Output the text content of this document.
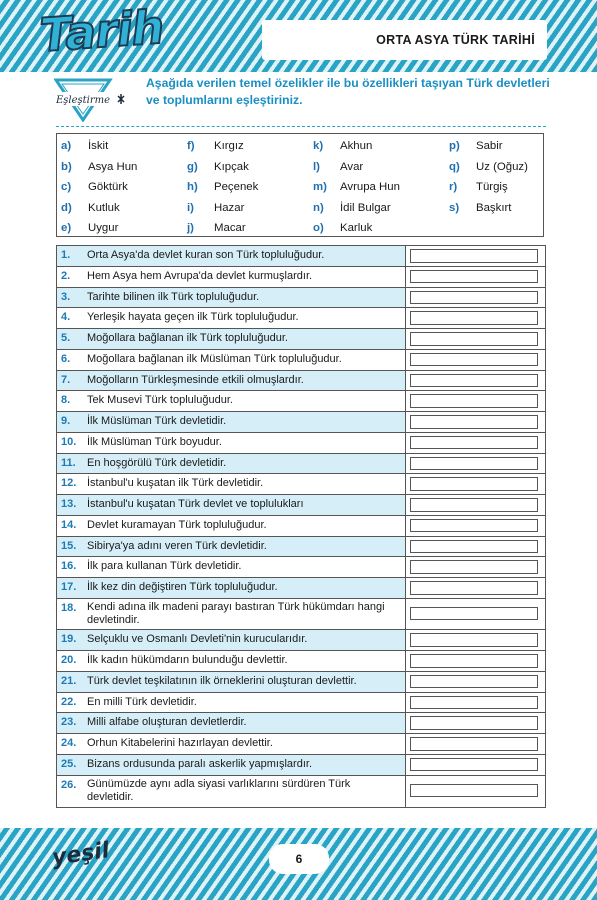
Tarih	ORTA ASYA TÜRK TARİHİ
Eşleştirme
Aşağıda verilen temel özelikler ile bu özellikleri taşıyan Türk devletleri ve toplumlarını eşleştiriniz.
a) İskit
b) Asya Hun
c) Göktürk
d) Kutluk
e) Uygur
f) Kırgız
g) Kıpçak
h) Peçenek
i) Hazar
j) Macar
k) Akhun
l) Avar
m) Avrupa Hun
n) İdil Bulgar
o) Karluk
p) Sabir
q) Uz (Oğuz)
r) Türgiş
s) Başkırt
1.	Orta Asya'da devlet kuran son Türk topluluğudur.
2.	Hem Asya hem Avrupa'da devlet kurmuşlardır.
3.	Tarihte bilinen ilk Türk topluluğudur.
4.	Yerleşik hayata geçen ilk Türk topluluğudur.
5.	Moğollara bağlanan ilk Türk topluluğudur.
6.	Moğollara bağlanan ilk Müslüman Türk topluluğudur.
7.	Moğolların Türkleşmesinde etkili olmuşlardır.
8.	Tek Musevi Türk topluluğudur.
9.	İlk Müslüman Türk devletidir.
10. İlk Müslüman Türk boyudur.
11.	En hoşgörülü Türk devletidir.
12. İstanbul'u kuşatan ilk Türk devletidir.
13. İstanbul'u kuşatan Türk devlet ve toplulukları
14. Devlet kuramayan Türk topluluğudur.
15. Sibirya'ya adını veren Türk devletidir.
16. İlk para kullanan Türk devletidir.
17. İlk kez din değiştiren Türk topluluğudur.
18. Kendi adına ilk madeni parayı bastıran Türk hükümdarı hangi devletindir.
19. Selçuklu ve Osmanlı Devleti'nin kurucularıdır.
20. İlk kadın hükümdarın bulunduğu devlettir.
21. Türk devlet teşkilatının ilk örneklerini oluşturan devlettir.
22. En milli Türk devletidir.
23. Milli alfabe oluşturan devletlerdir.
24. Orhun Kitabelerini hazırlayan devlettir.
25. Bizans ordusunda paralı askerlik yapmışlardır.
26. Günümüzde aynı adla siyasi varlıklarını sürdüren Türk devletidir.
yeşil	6
